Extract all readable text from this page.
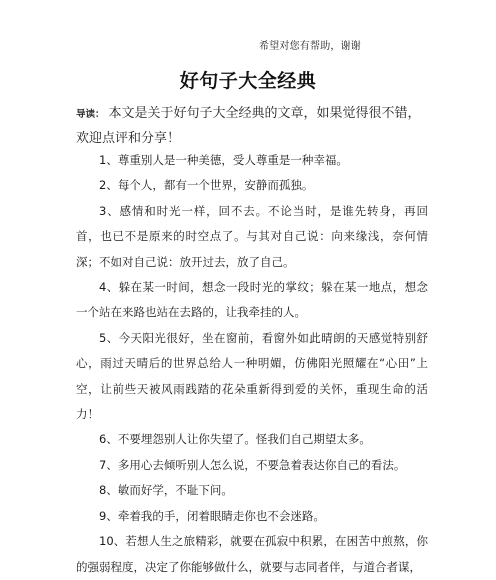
希望对您有帮助，谢谢
好句子大全经典
导读： 本文是关于好句子大全经典的文章，如果觉得很不错，欢迎点评和分享！

1、尊重别人是一种美德，受人尊重是一种幸福。

2、每个人，都有一个世界，安静而孤独。

3、感情和时光一样，回不去。不论当时，是谁先转身，再回首，也已不是原来的时空点了。与其对自己说：向来缘浅，奈何情深；不如对自己说：放开过去，放了自己。

4、躲在某一时间，想念一段时光的掌纹；躲在某一地点，想念一个站在来路也站在去路的，让我牵挂的人。

5、今天阳光很好，坐在窗前，看窗外如此晴朗的天感觉特别舒心，雨过天晴后的世界总给人一种明媚，仿佛阳光照耀在“心田”上空，让前些天被风雨践踏的花朵重新得到爱的关怀，重现生命的活力！

6、不要埋怨别人让你失望了。怪我们自己期望太多。

7、多用心去倾听别人怎么说，不要急着表达你自己的看法。

8、敏而好学，不耻下问。

9、牵着我的手，闭着眼睛走你也不会迷路。

10、若想人生之旅精彩，就要在孤寂中积累，在困苦中煎熬，你的强弱程度，决定了你能够做什么，就要与志同者伴，与道合者谋，
